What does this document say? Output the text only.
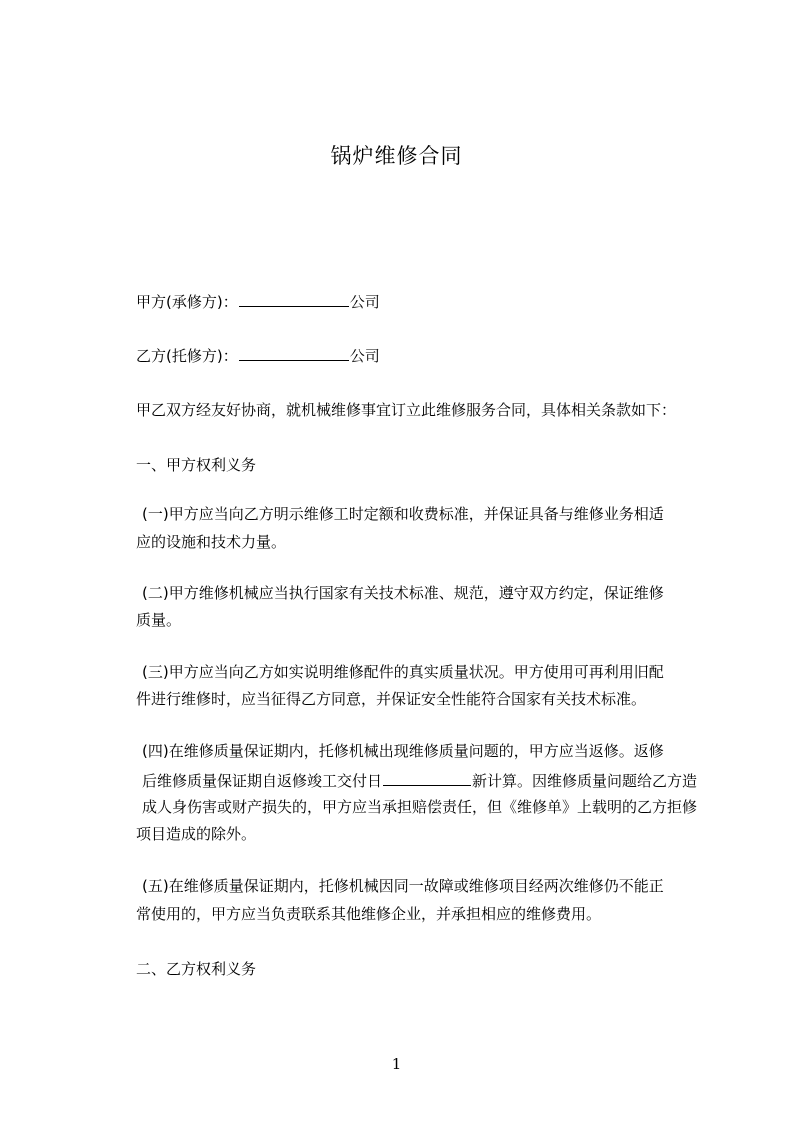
锅炉维修合同
甲方(承修方)：	公司
乙方(托修方)：	公司
甲乙双方经友好协商，就机械维修事宜订立此维修服务合同，具体相关条款如下：
一、甲方权利义务
(一)甲方应当向乙方明示维修工时定额和收费标准，并保证具备与维修业务相适
应的设施和技术力量。
(二)甲方维修机械应当执行国家有关技术标准、规范，遵守双方约定，保证维修
质量。
(三)甲方应当向乙方如实说明维修配件的真实质量状况。甲方使用可再利用旧配
件进行维修时，应当征得乙方同意，并保证安全性能符合国家有关技术标准。
(四)在维修质量保证期内，托修机械出现维修质量问题的，甲方应当返修。返修
后维修质量保证期自返修竣工交付日	新计算。因维修质量问题给乙方造
成人身伤害或财产损失的，甲方应当承担赔偿责任，但《维修单》上载明的乙方拒修
项目造成的除外。
(五)在维修质量保证期内，托修机械因同一故障或维修项目经两次维修仍不能正
常使用的，甲方应当负责联系其他维修企业，并承担相应的维修费用。
二、乙方权利义务
1
